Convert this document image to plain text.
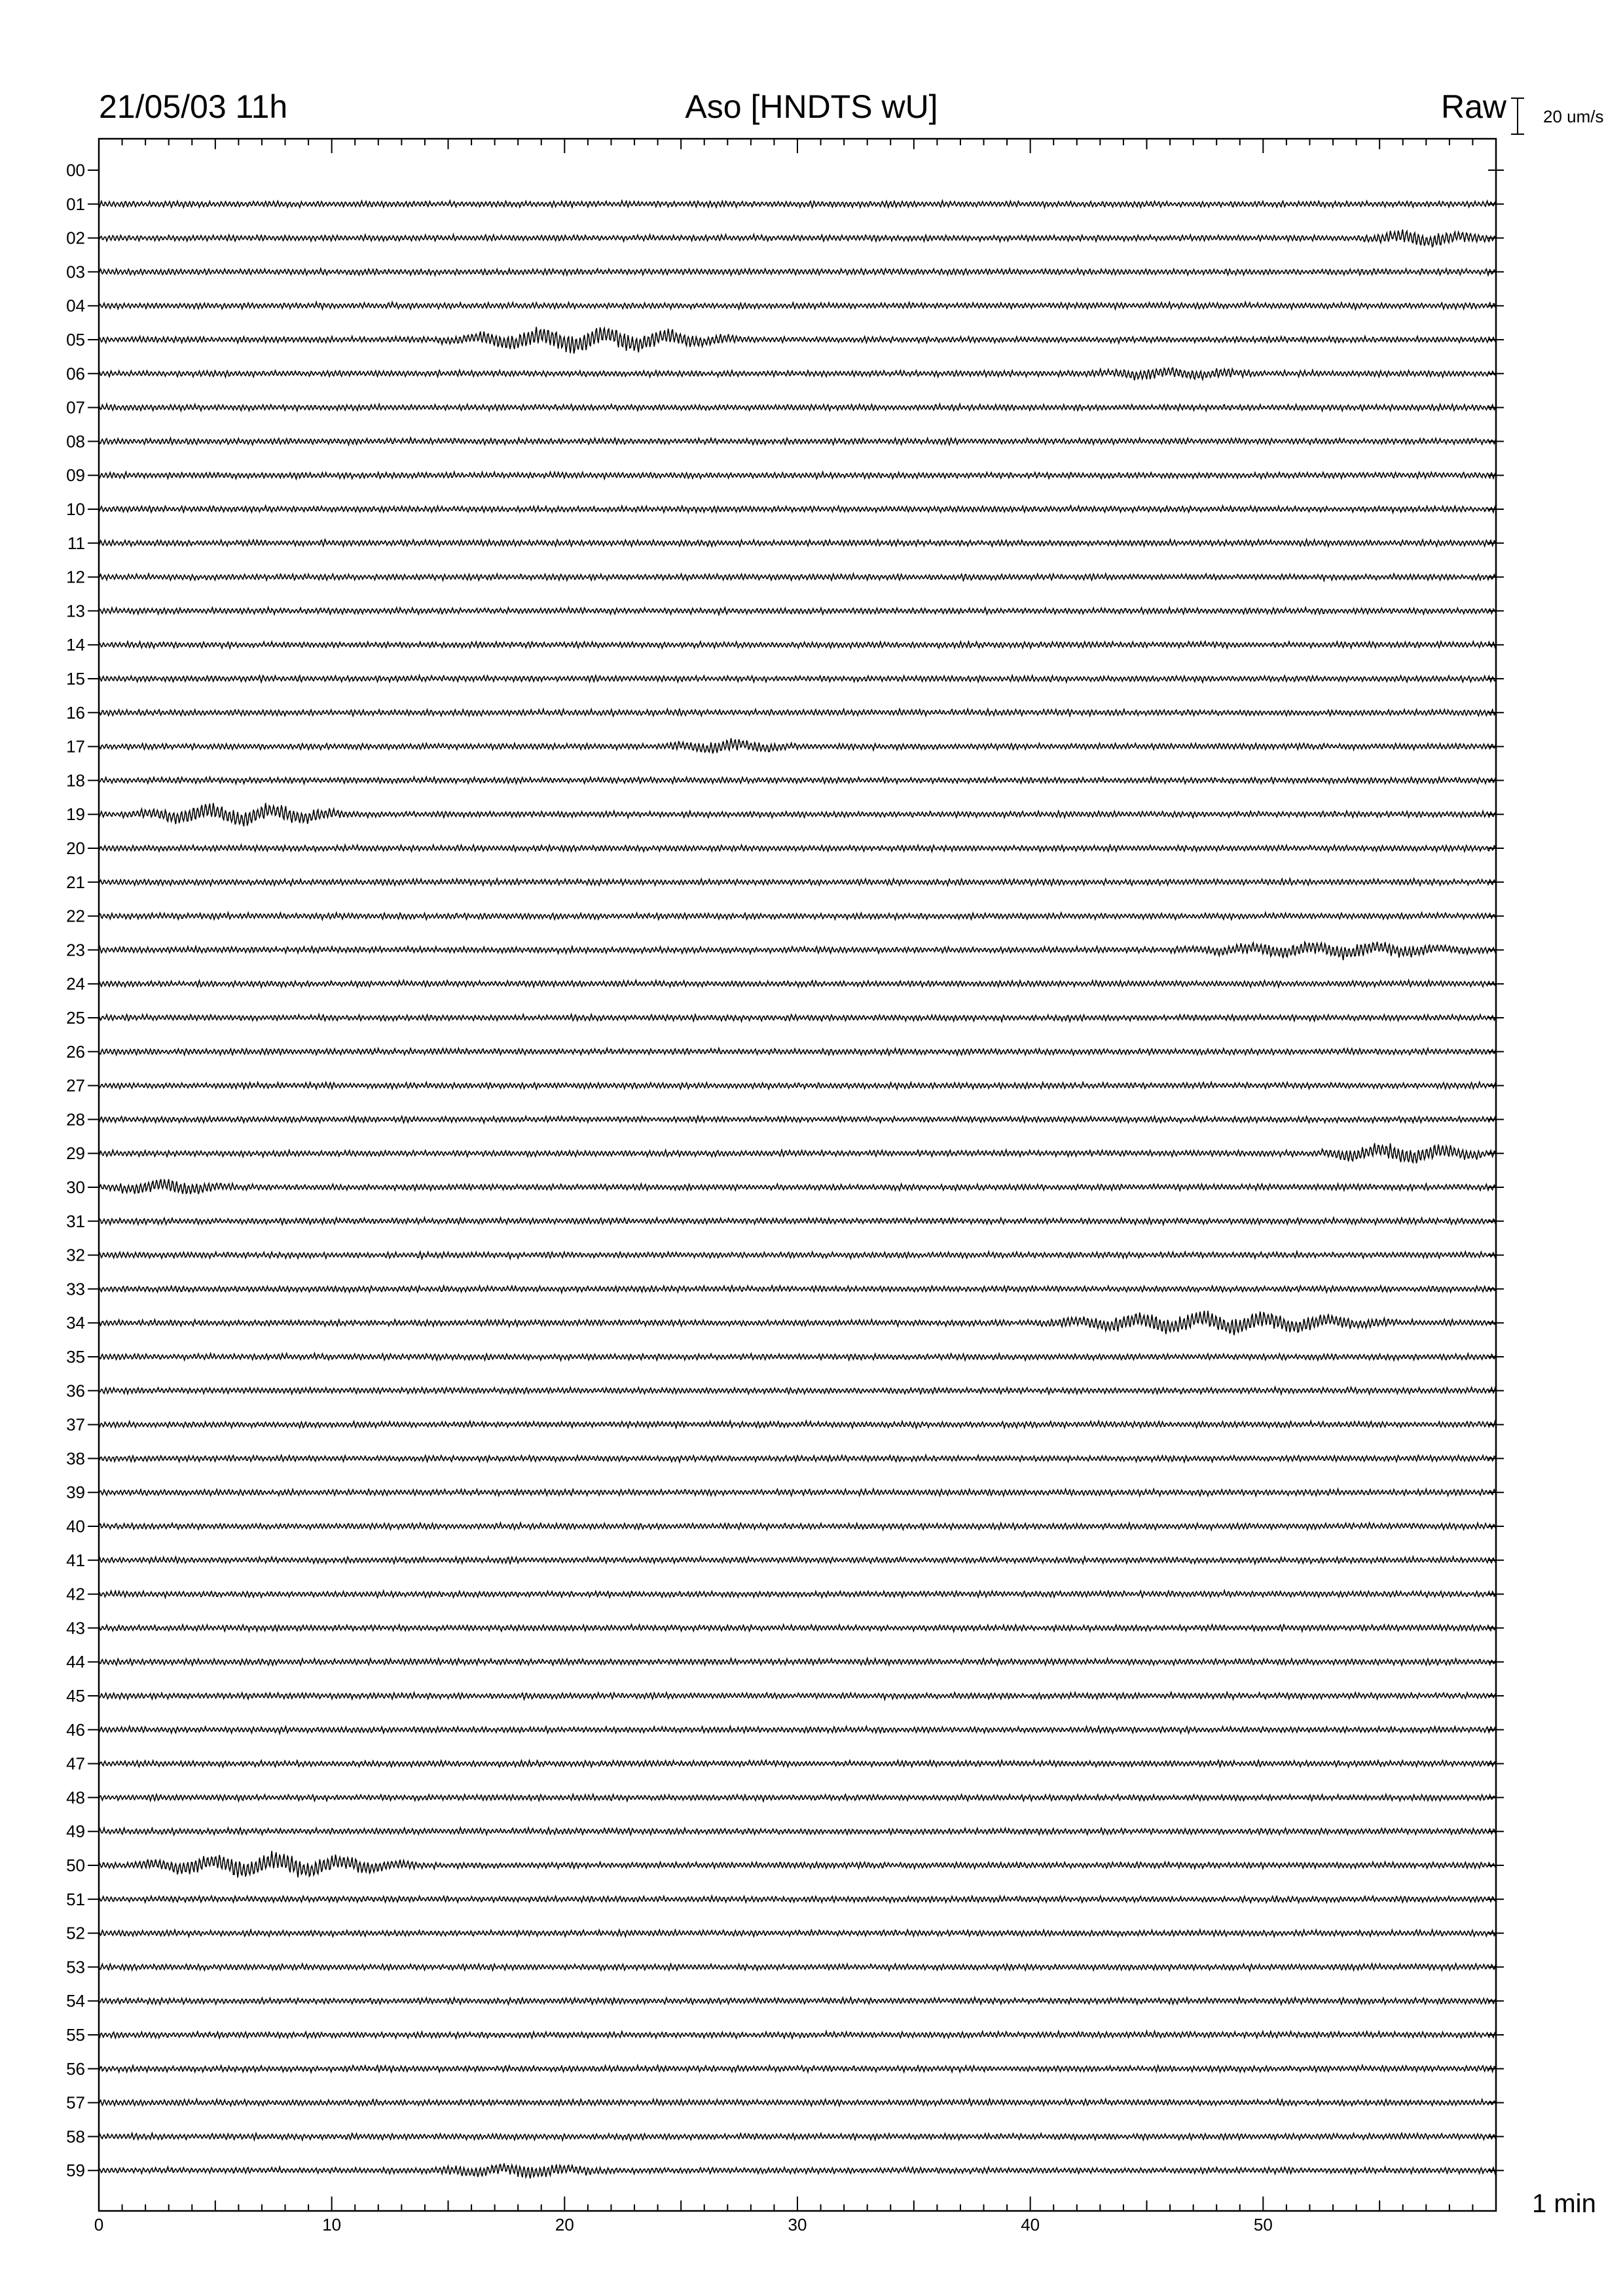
21/05/03 11h	Aso [HNDTS wU]	Raw 20 um/s
1 min
00
01
02
03
04
05
06
07
08
09
10
11
12
13
14
15
16
17
18
19
20
21
22
23
24
25
26
27
28
29
30
31
32
33
34
35
36
37
38
39
40
41
42
43
44
45
46
47
48
49
50
51
52
53
54
55
56
57
58
59
0	10	20	30	40	50
